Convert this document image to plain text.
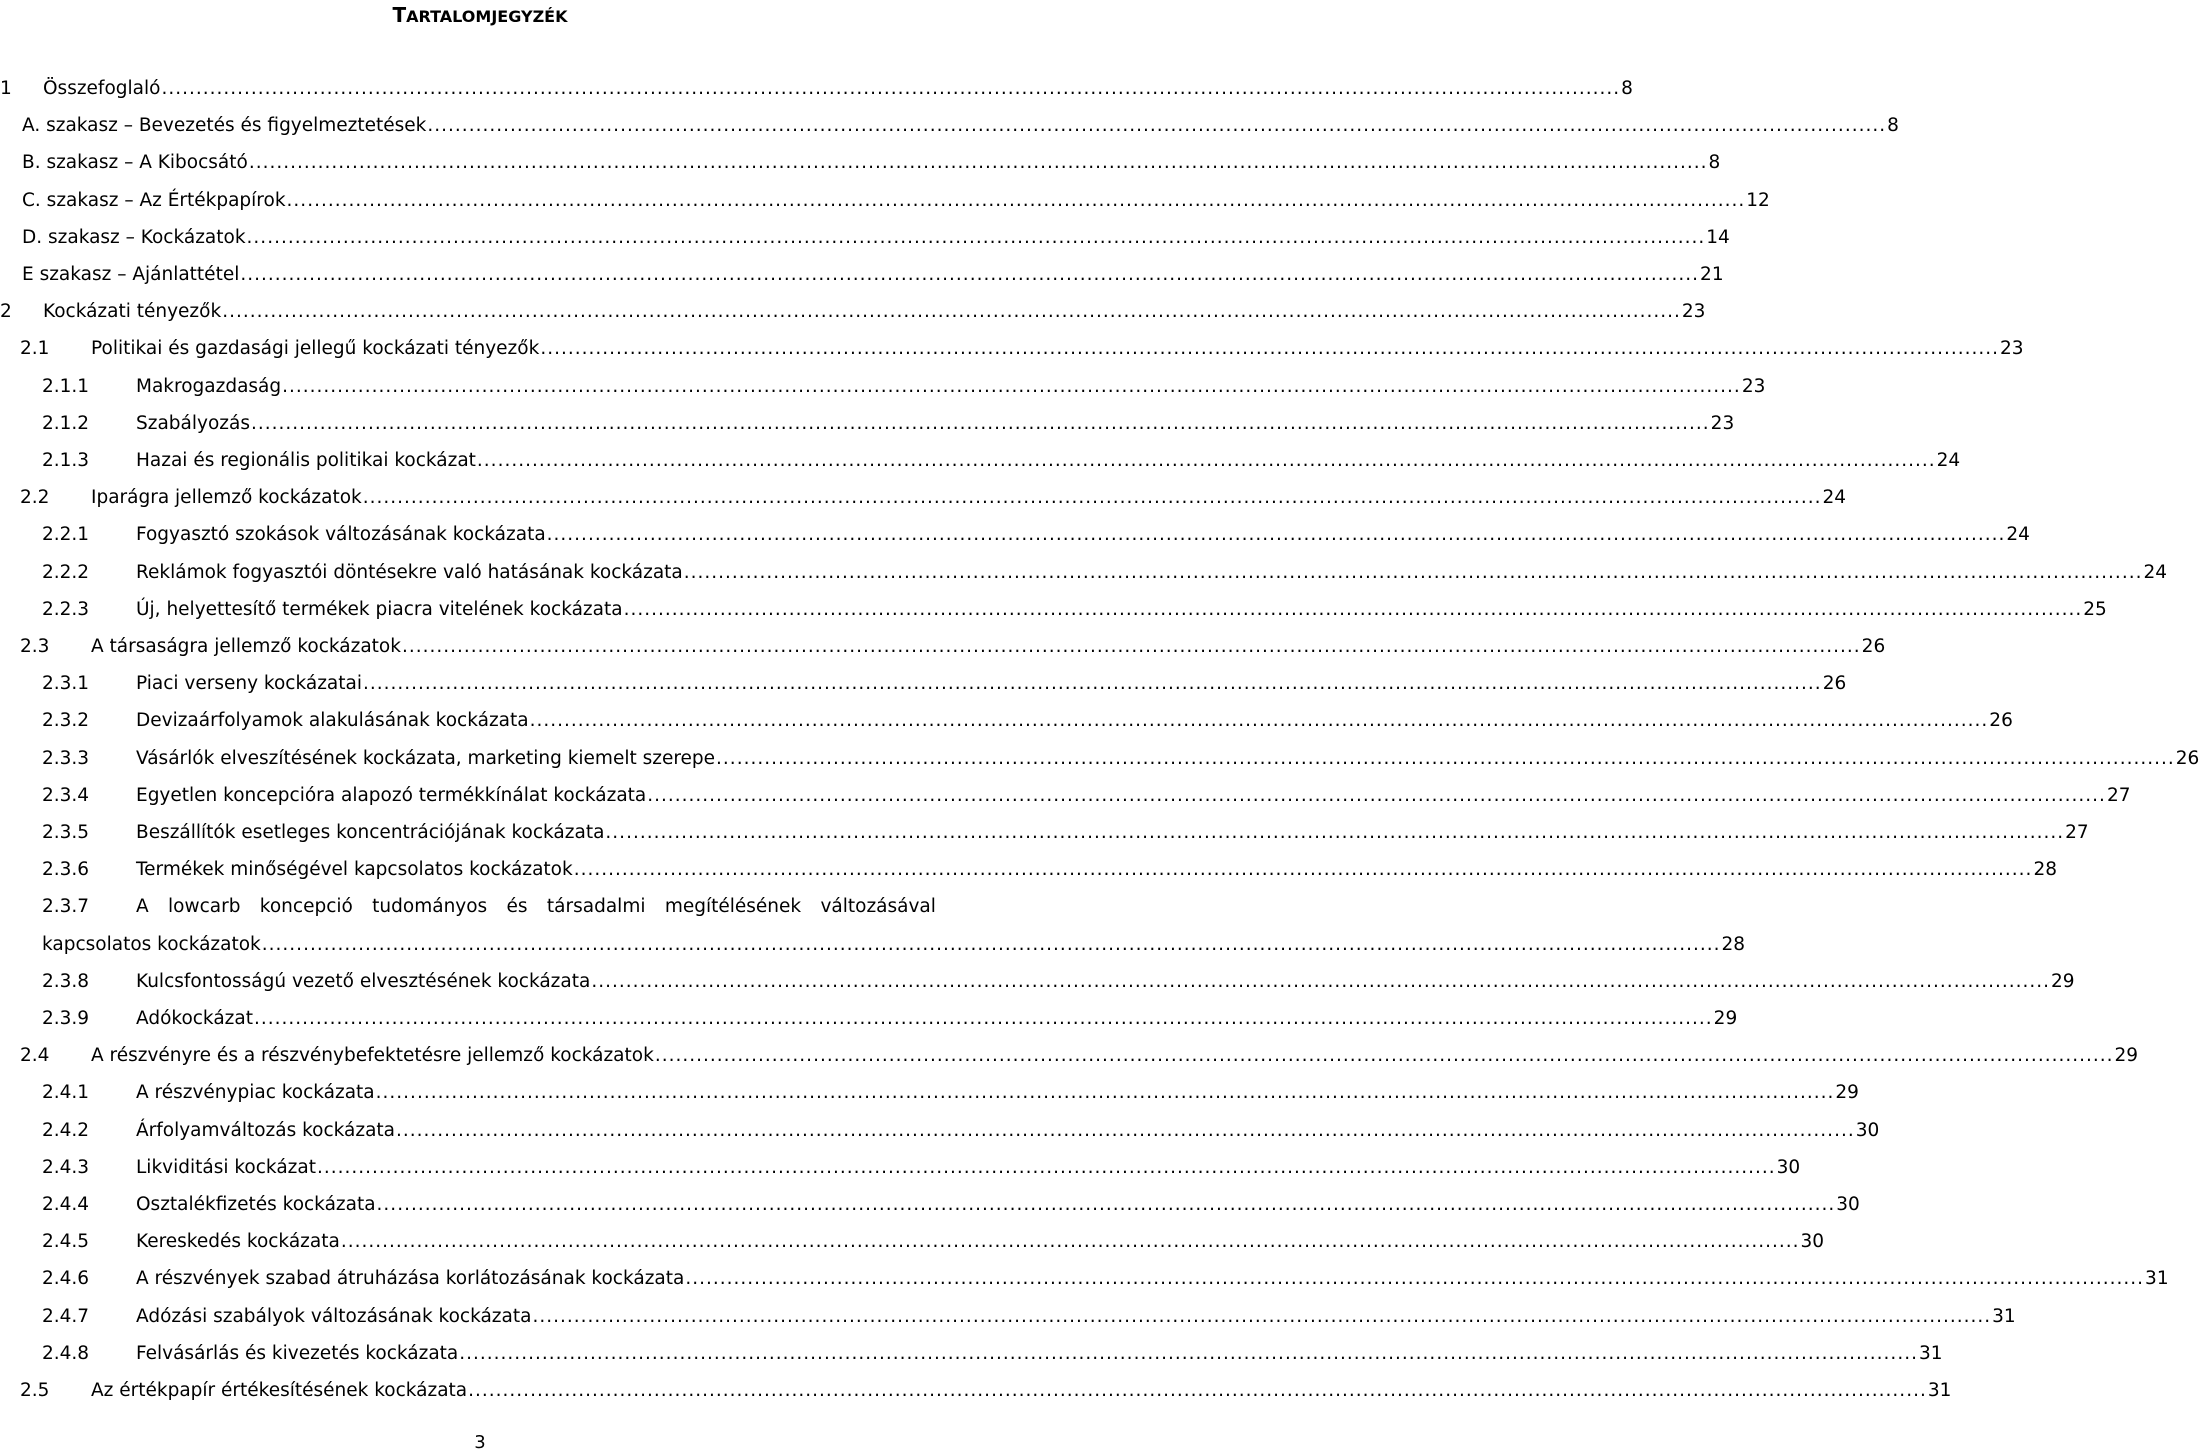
TARTALOMJEGYZÉK
1 Összefoglaló .................................................................................................................................................................................................................... 8
A. szakasz – Bevezetés és figyelmeztetések .................................................................................................................................................................................................................... 8
B. szakasz – A Kibocsátó .................................................................................................................................................................................................................... 8
C. szakasz – Az Értékpapírok .................................................................................................................................................................................................................... 12
D. szakasz – Kockázatok .................................................................................................................................................................................................................... 14
E szakasz – Ajánlattétel .................................................................................................................................................................................................................... 21
2 Kockázati tényezők .................................................................................................................................................................................................................... 23
2.1 Politikai és gazdasági jellegű kockázati tényezők .................................................................................................................................................................................................................... 23
2.1.1	Makrogazdaság .................................................................................................................................................................................................................... 23
2.1.2	Szabályozás .................................................................................................................................................................................................................... 23
2.1.3	Hazai és regionális politikai kockázat .................................................................................................................................................................................................................... 24
2.2 Iparágra jellemző kockázatok .................................................................................................................................................................................................................... 24
2.2.1	Fogyasztó szokások változásának kockázata .................................................................................................................................................................................................................... 24
2.2.2	Reklámok fogyasztói döntésekre való hatásának kockázata .................................................................................................................................................................................................................... 24
2.2.3	Új, helyettesítő termékek piacra vitelének kockázata .................................................................................................................................................................................................................... 25
2.3 A társaságra jellemző kockázatok .................................................................................................................................................................................................................... 26
2.3.1	Piaci verseny kockázatai .................................................................................................................................................................................................................... 26
2.3.2	Devizaárfolyamok alakulásának kockázata .................................................................................................................................................................................................................... 26
2.3.3	Vásárlók elveszítésének kockázata, marketing kiemelt szerepe .................................................................................................................................................................................................................... 26
2.3.4	Egyetlen koncepcióra alapozó termékkínálat kockázata .................................................................................................................................................................................................................... 27
2.3.5	Beszállítók esetleges koncentrációjának kockázata .................................................................................................................................................................................................................... 27
2.3.6	Termékek minőségével kapcsolatos kockázatok .................................................................................................................................................................................................................... 28
2.3.7	A lowcarb koncepció tudományos és társadalmi megítélésének változásával
kapcsolatos kockázatok .................................................................................................................................................................................................................... 28
2.3.8	Kulcsfontosságú vezető elvesztésének kockázata .................................................................................................................................................................................................................... 29
2.3.9	Adókockázat .................................................................................................................................................................................................................... 29
2.4 A részvényre és a részvénybefektetésre jellemző kockázatok .................................................................................................................................................................................................................... 29
2.4.1	A részvénypiac kockázata .................................................................................................................................................................................................................... 29
2.4.2	Árfolyamváltozás kockázata .................................................................................................................................................................................................................... 30
2.4.3	Likviditási kockázat .................................................................................................................................................................................................................... 30
2.4.4	Osztalékfizetés kockázata .................................................................................................................................................................................................................... 30
2.4.5	Kereskedés kockázata .................................................................................................................................................................................................................... 30
2.4.6	A részvények szabad átruházása korlátozásának kockázata .................................................................................................................................................................................................................... 31
2.4.7	Adózási szabályok változásának kockázata .................................................................................................................................................................................................................... 31
2.4.8	Felvásárlás és kivezetés kockázata .................................................................................................................................................................................................................... 31
2.5 Az értékpapír értékesítésének kockázata .................................................................................................................................................................................................................... 31
3
